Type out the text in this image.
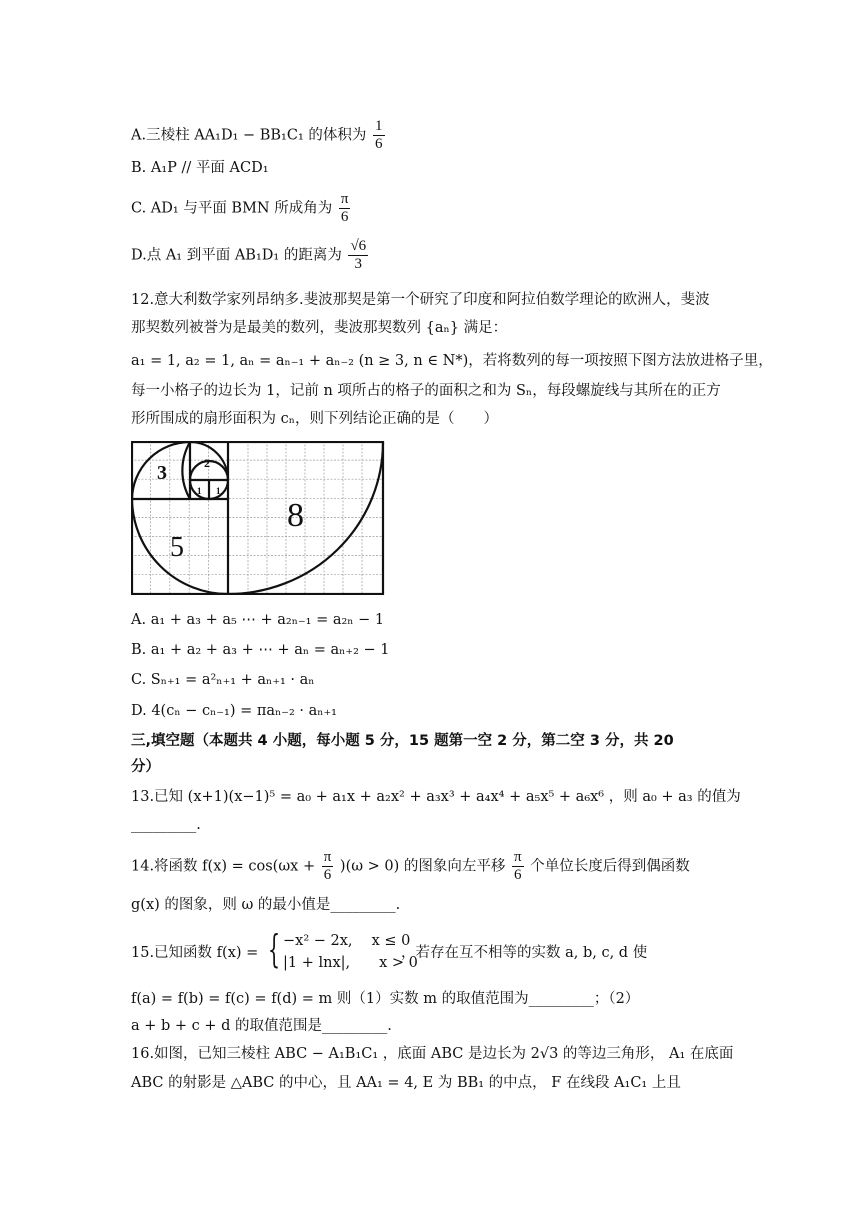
A.三棱柱 AA₁D₁ − BB₁C₁ 的体积为 $\frac{1}{6}$
B. A₁P // 平面 ACD₁
C. AD₁ 与平面 BMN 所成角为 $\frac{\pi}{6}$
D.点 A₁ 到平面 AB₁D₁ 的距离为 $\frac{√6}{3}$
12.意大利数学家列昂纳多.斐波那契是第一个研究了印度和阿拉伯数学理论的欧洲人，斐波
那契数列被誉为是最美的数列，斐波那契数列 {aₙ} 满足：
a₁ = 1, a₂ = 1, aₙ = aₙ₋₁ + aₙ₋₂ (n ≥ 3, n ∈ N*)，若将数列的每一项按照下图方法放进格子里，
每一小格子的边长为 1，记前 n 项所占的格子的面积之和为 Sₙ，每段螺旋线与其所在的正方
形所围成的扇形面积为 cₙ，则下列结论正确的是（　　）
3	2
1 1
8
5
A. a₁ + a₃ + a₅ ⋯ + a₂ₙ₋₁ = a₂ₙ − 1
B. a₁ + a₂ + a₃ + ⋯ + aₙ = aₙ₊₂ − 1
C. Sₙ₊₁ = a²ₙ₊₁ + aₙ₊₁ · aₙ
D. 4(cₙ − cₙ₋₁) = πaₙ₋₂ · aₙ₊₁
三,填空题（本题共 4 小题，每小题 5 分，15 题第一空 2 分，第二空 3 分，共 20
分）
13.已知 (x+1)(x−1)⁵ = a₀ + a₁x + a₂x² + a₃x³ + a₄x⁴ + a₅x⁵ + a₆x⁶ ，则 a₀ + a₃ 的值为
_________.
14.将函数 $f(x) = \cos(\omega x + \frac{\pi}{6} )(\omega > 0)$ 的图象向左平移 $\frac{\pi}{6}$ 个单位长度后得到偶函数
g(x) 的图象，则 ω 的最小值是_________.
15.已知函数 f(x) = { −x² − 2x,　 x ≤ 0
|1 + lnx|,　　x > 0
，若存在互不相等的实数 a, b, c, d 使
f(a) = f(b) = f(c) = f(d) = m 则（1）实数 m 的取值范围为_________；（2）
a + b + c + d 的取值范围是_________.
16.如图，已知三棱柱 ABC − A₁B₁C₁ ，底面 ABC 是边长为 2√3 的等边三角形， A₁ 在底面
ABC 的射影是 △ABC 的中心，且 AA₁ = 4, E 为 BB₁ 的中点， F 在线段 A₁C₁ 上且
